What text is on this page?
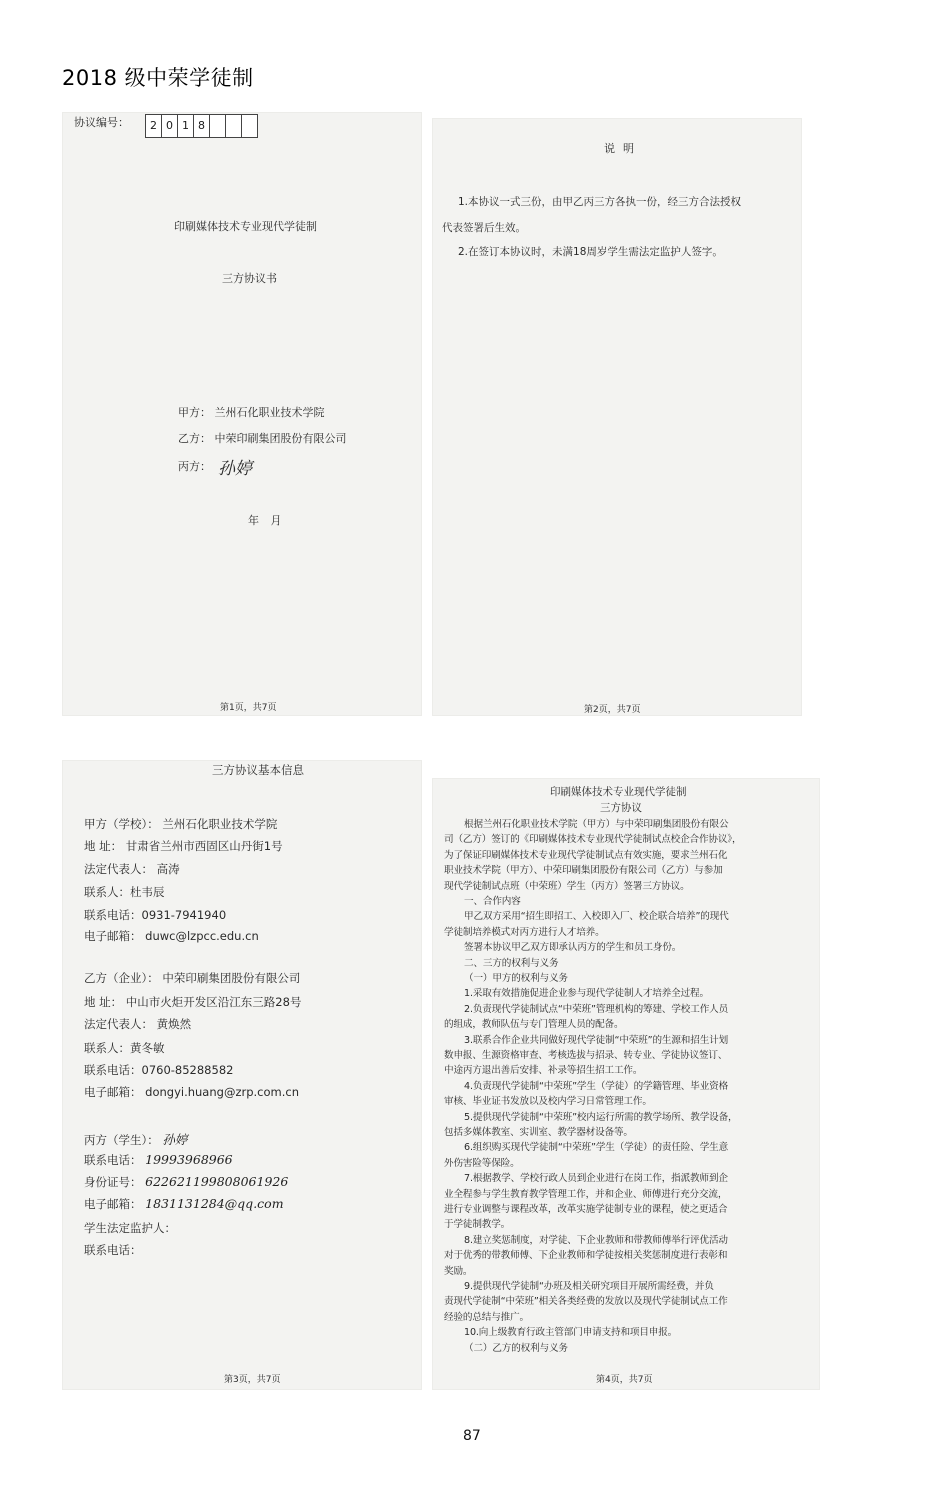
2018 级中荣学徒制
协议编号：	2 0 1 8
印刷媒体技术专业现代学徒制
三方协议书
甲方： 兰州石化职业技术学院
乙方： 中荣印刷集团股份有限公司
丙方： 孙婷
年 月
第1页，共7页
说明
1.本协议一式三份，由甲乙丙三方各执一份，经三方合法授权
代表签署后生效。
2.在签订本协议时，未满18周岁学生需法定监护人签字。
第2页，共7页
三方协议基本信息
甲方（学校）： 兰州石化职业技术学院
地 址： 甘肃省兰州市西固区山丹街1号
法定代表人： 高涛
联系人：杜韦辰
联系电话：0931-7941940
电子邮箱： duwc@lzpcc.edu.cn
乙方（企业）： 中荣印刷集团股份有限公司
地 址： 中山市火炬开发区沿江东三路28号
法定代表人： 黄焕然
联系人：黄冬敏
联系电话：0760-85288582
电子邮箱： dongyi.huang@zrp.com.cn
丙方（学生）： 孙婷
联系电话： 19993968966
身份证号： 622621199808061926
电子邮箱： 1831131284@qq.com
学生法定监护人：
联系电话：
第3页，共7页
印刷媒体技术专业现代学徒制
三方协议
根据兰州石化职业技术学院（甲方）与中荣印刷集团股份有限公
司（乙方）签订的《印刷媒体技术专业现代学徒制试点校企合作协议》，
为了保证印刷媒体技术专业现代学徒制试点有效实施，要求兰州石化
职业技术学院（甲方）、中荣印刷集团股份有限公司（乙方）与参加
现代学徒制试点班（中荣班）学生（丙方）签署三方协议。
一、合作内容
甲乙双方采用“招生即招工、入校即入厂、校企联合培养”的现代
学徒制培养模式对丙方进行人才培养。
签署本协议甲乙双方即承认丙方的学生和员工身份。
二、三方的权利与义务
（一）甲方的权利与义务
1.采取有效措施促进企业参与现代学徒制人才培养全过程。
2.负责现代学徒制试点“中荣班”管理机构的筹建、学校工作人员
的组成，教师队伍与专门管理人员的配备。
3.联系合作企业共同做好现代学徒制“中荣班”的生源和招生计划
数申报、生源资格审查、考核选拔与招录、转专业、学徒协议签订、
中途丙方退出善后安排、补录等招生招工工作。
4.负责现代学徒制“中荣班”学生（学徒）的学籍管理、毕业资格
审核、毕业证书发放以及校内学习日常管理工作。
5.提供现代学徒制“中荣班”校内运行所需的教学场所、教学设备，
包括多媒体教室、实训室、教学器材设备等。
6.组织购买现代学徒制“中荣班”学生（学徒）的责任险、学生意
外伤害险等保险。
7.根据教学、学校行政人员到企业进行在岗工作，指派教师到企
业全程参与学生教育教学管理工作，并和企业、师傅进行充分交流，
进行专业调整与课程改革，改革实施学徒制专业的课程，使之更适合
于学徒制教学。
8.建立奖惩制度，对学徒、下企业教师和带教师傅举行评优活动
对于优秀的带教师傅、下企业教师和学徒按相关奖惩制度进行表彰和
奖励。
9.提供现代学徒制“办班及相关研究项目开展所需经费，并负
责现代学徒制“中荣班”相关各类经费的发放以及现代学徒制试点工作
经验的总结与推广。
10.向上级教育行政主管部门申请支持和项目申报。
（二）乙方的权利与义务
第4页，共7页
87
